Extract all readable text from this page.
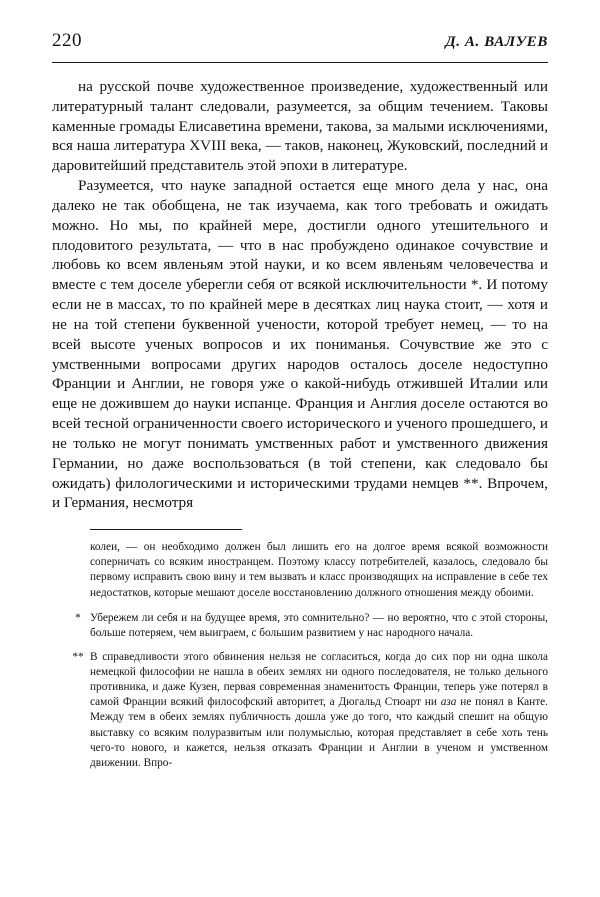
220	Д. А. ВАЛУЕВ

на русской почве художественное произведение, художественный или литературный талант следовали, разумеется, за общим течением. Таковы каменные громады Елисаветина времени, такова, за малыми исключениями, вся наша литература XVIII века, — таков, наконец, Жуковский, последний и даровитейший представитель этой эпохи в литературе.

Разумеется, что науке западной остается еще много дела у нас, она далеко не так обобщена, не так изучаема, как того требовать и ожидать можно. Но мы, по крайней мере, достигли одного утешительного и плодовитого результата, — что в нас пробуждено одинакое сочувствие и любовь ко всем явленьям этой науки, и ко всем явленьям человечества и вместе с тем доселе уберегли себя от всякой исключительности *. И потому если не в массах, то по крайней мере в десятках лиц наука стоит, — хотя и не на той степени буквенной учености, которой требует немец, — то на всей высоте ученых вопросов и их пониманья. Сочувствие же это с умственными вопросами других народов осталось доселе недоступно Франции и Англии, не говоря уже о какой-нибудь отжившей Италии или еще не дожившем до науки испанце. Франция и Англия доселе остаются во всей тесной ограниченности своего исторического и ученого прошедшего, и не только не могут понимать умственных работ и умственного движения Германии, но даже воспользоваться (в той степени, как следовало бы ожидать) филологическими и историческими трудами немцев **. Впрочем, и Германия, несмотря

колеи, — он необходимо должен был лишить его на долгое время всякой возможности соперничать со всяким иностранцем. Поэтому классу потребителей, казалось, следовало бы первому исправить свою вину и тем вызвать и класс производящих на исправление в себе тех недостатков, которые мешают доселе восстановлению должного отношения между обоими.
* Убережем ли себя и на будущее время, это сомнительно? — но вероятно, что с этой стороны, больше потеряем, чем выиграем, с большим развитием у нас народного начала.
** В справедливости этого обвинения нельзя не согласиться, когда до сих пор ни одна школа немецкой философии не нашла в обеих землях ни одного последователя, не только дельного противника, и даже Кузен, первая современная знаменитость Франции, теперь уже потерял в самой Франции всякий философский авторитет, а Дюгальд Стюарт ни аза не понял в Канте. Между тем в обеих землях публичность дошла уже до того, что каждый спешит на общую выставку со всяким полуразвитым или полумыслью, которая представляет в себе хоть тень чего-то нового, и кажется, нельзя отказать Франции и Англии в ученом и умственном движении. Впро-
